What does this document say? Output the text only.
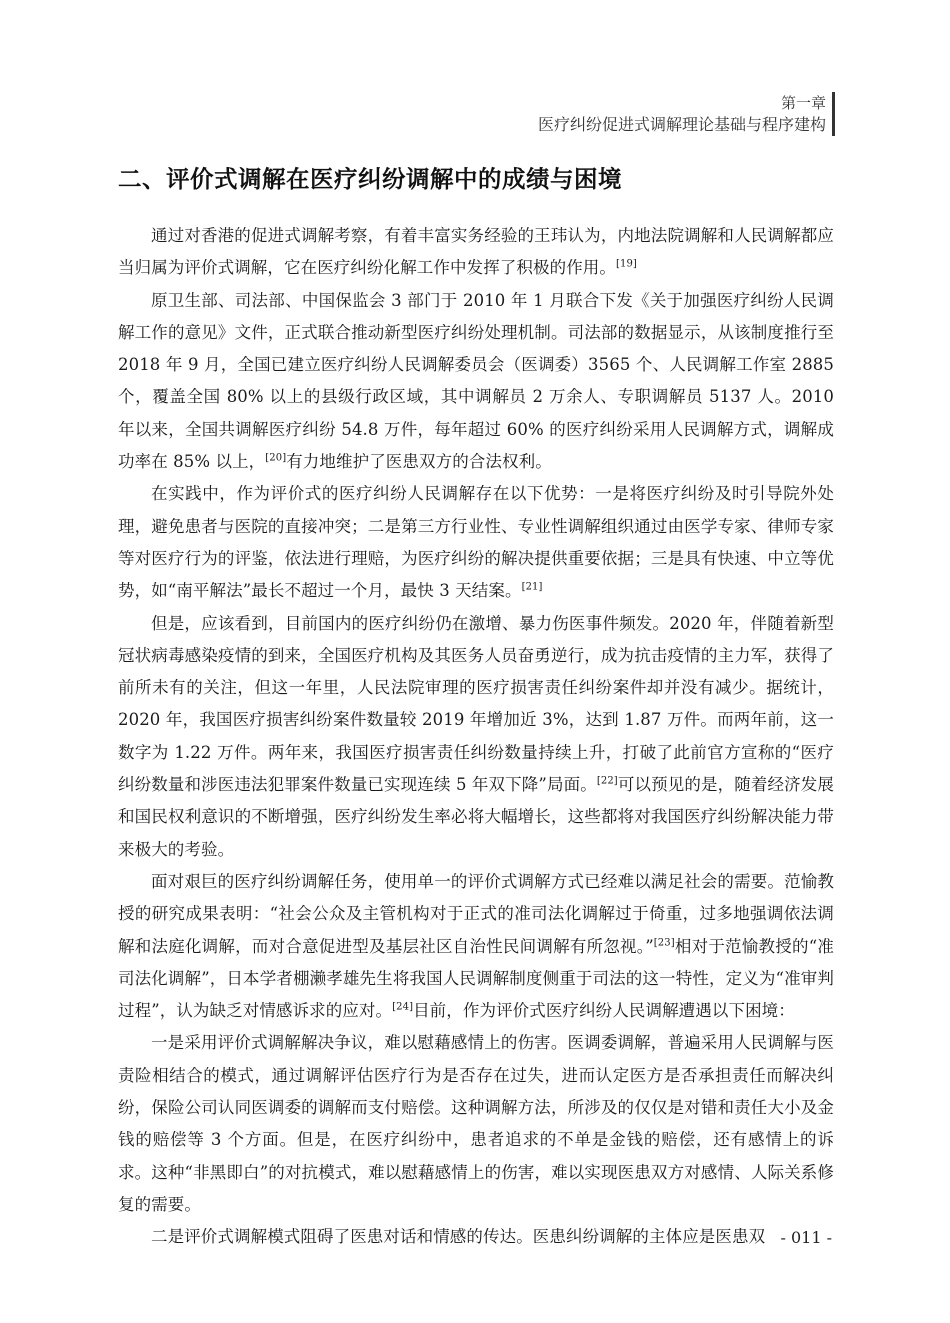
第一章
医疗纠纷促进式调解理论基础与程序建构
二、评价式调解在医疗纠纷调解中的成绩与困境

通过对香港的促进式调解考察，有着丰富实务经验的王玮认为，内地法院调解和人民调解都应当归属为评价式调解，它在医疗纠纷化解工作中发挥了积极的作用。[19]

原卫生部、司法部、中国保监会 3 部门于 2010 年 1 月联合下发《关于加强医疗纠纷人民调解工作的意见》文件，正式联合推动新型医疗纠纷处理机制。司法部的数据显示，从该制度推行至 2018 年 9 月，全国已建立医疗纠纷人民调解委员会（医调委）3565 个、人民调解工作室 2885 个，覆盖全国 80% 以上的县级行政区域，其中调解员 2 万余人、专职调解员 5137 人。2010 年以来，全国共调解医疗纠纷 54.8 万件，每年超过 60% 的医疗纠纷采用人民调解方式，调解成功率在 85% 以上，[20]有力地维护了医患双方的合法权利。

在实践中，作为评价式的医疗纠纷人民调解存在以下优势：一是将医疗纠纷及时引导院外处理，避免患者与医院的直接冲突；二是第三方行业性、专业性调解组织通过由医学专家、律师专家等对医疗行为的评鉴，依法进行理赔，为医疗纠纷的解决提供重要依据；三是具有快速、中立等优势，如“南平解法”最长不超过一个月，最快 3 天结案。[21]

但是，应该看到，目前国内的医疗纠纷仍在激增、暴力伤医事件频发。2020 年，伴随着新型冠状病毒感染疫情的到来，全国医疗机构及其医务人员奋勇逆行，成为抗击疫情的主力军，获得了前所未有的关注，但这一年里，人民法院审理的医疗损害责任纠纷案件却并没有减少。据统计，2020 年，我国医疗损害纠纷案件数量较 2019 年增加近 3%，达到 1.87 万件。而两年前，这一数字为 1.22 万件。两年来，我国医疗损害责任纠纷数量持续上升，打破了此前官方宣称的“医疗纠纷数量和涉医违法犯罪案件数量已实现连续 5 年双下降”局面。[22]可以预见的是，随着经济发展和国民权利意识的不断增强，医疗纠纷发生率必将大幅增长，这些都将对我国医疗纠纷解决能力带来极大的考验。

面对艰巨的医疗纠纷调解任务，使用单一的评价式调解方式已经难以满足社会的需要。范愉教授的研究成果表明：“社会公众及主管机构对于正式的准司法化调解过于倚重，过多地强调依法调解和法庭化调解，而对合意促进型及基层社区自治性民间调解有所忽视。”[23]相对于范愉教授的“准司法化调解”，日本学者棚濑孝雄先生将我国人民调解制度侧重于司法的这一特性，定义为“准审判过程”，认为缺乏对情感诉求的应对。[24]目前，作为评价式医疗纠纷人民调解遭遇以下困境：

一是采用评价式调解解决争议，难以慰藉感情上的伤害。医调委调解，普遍采用人民调解与医责险相结合的模式，通过调解评估医疗行为是否存在过失，进而认定医方是否承担责任而解决纠纷，保险公司认同医调委的调解而支付赔偿。这种调解方法，所涉及的仅仅是对错和责任大小及金钱的赔偿等 3 个方面。但是，在医疗纠纷中，患者追求的不单是金钱的赔偿，还有感情上的诉求。这种“非黑即白”的对抗模式，难以慰藉感情上的伤害，难以实现医患双方对感情、人际关系修复的需要。

二是评价式调解模式阻碍了医患对话和情感的传达。医患纠纷调解的主体应是医患双 - 011 -
